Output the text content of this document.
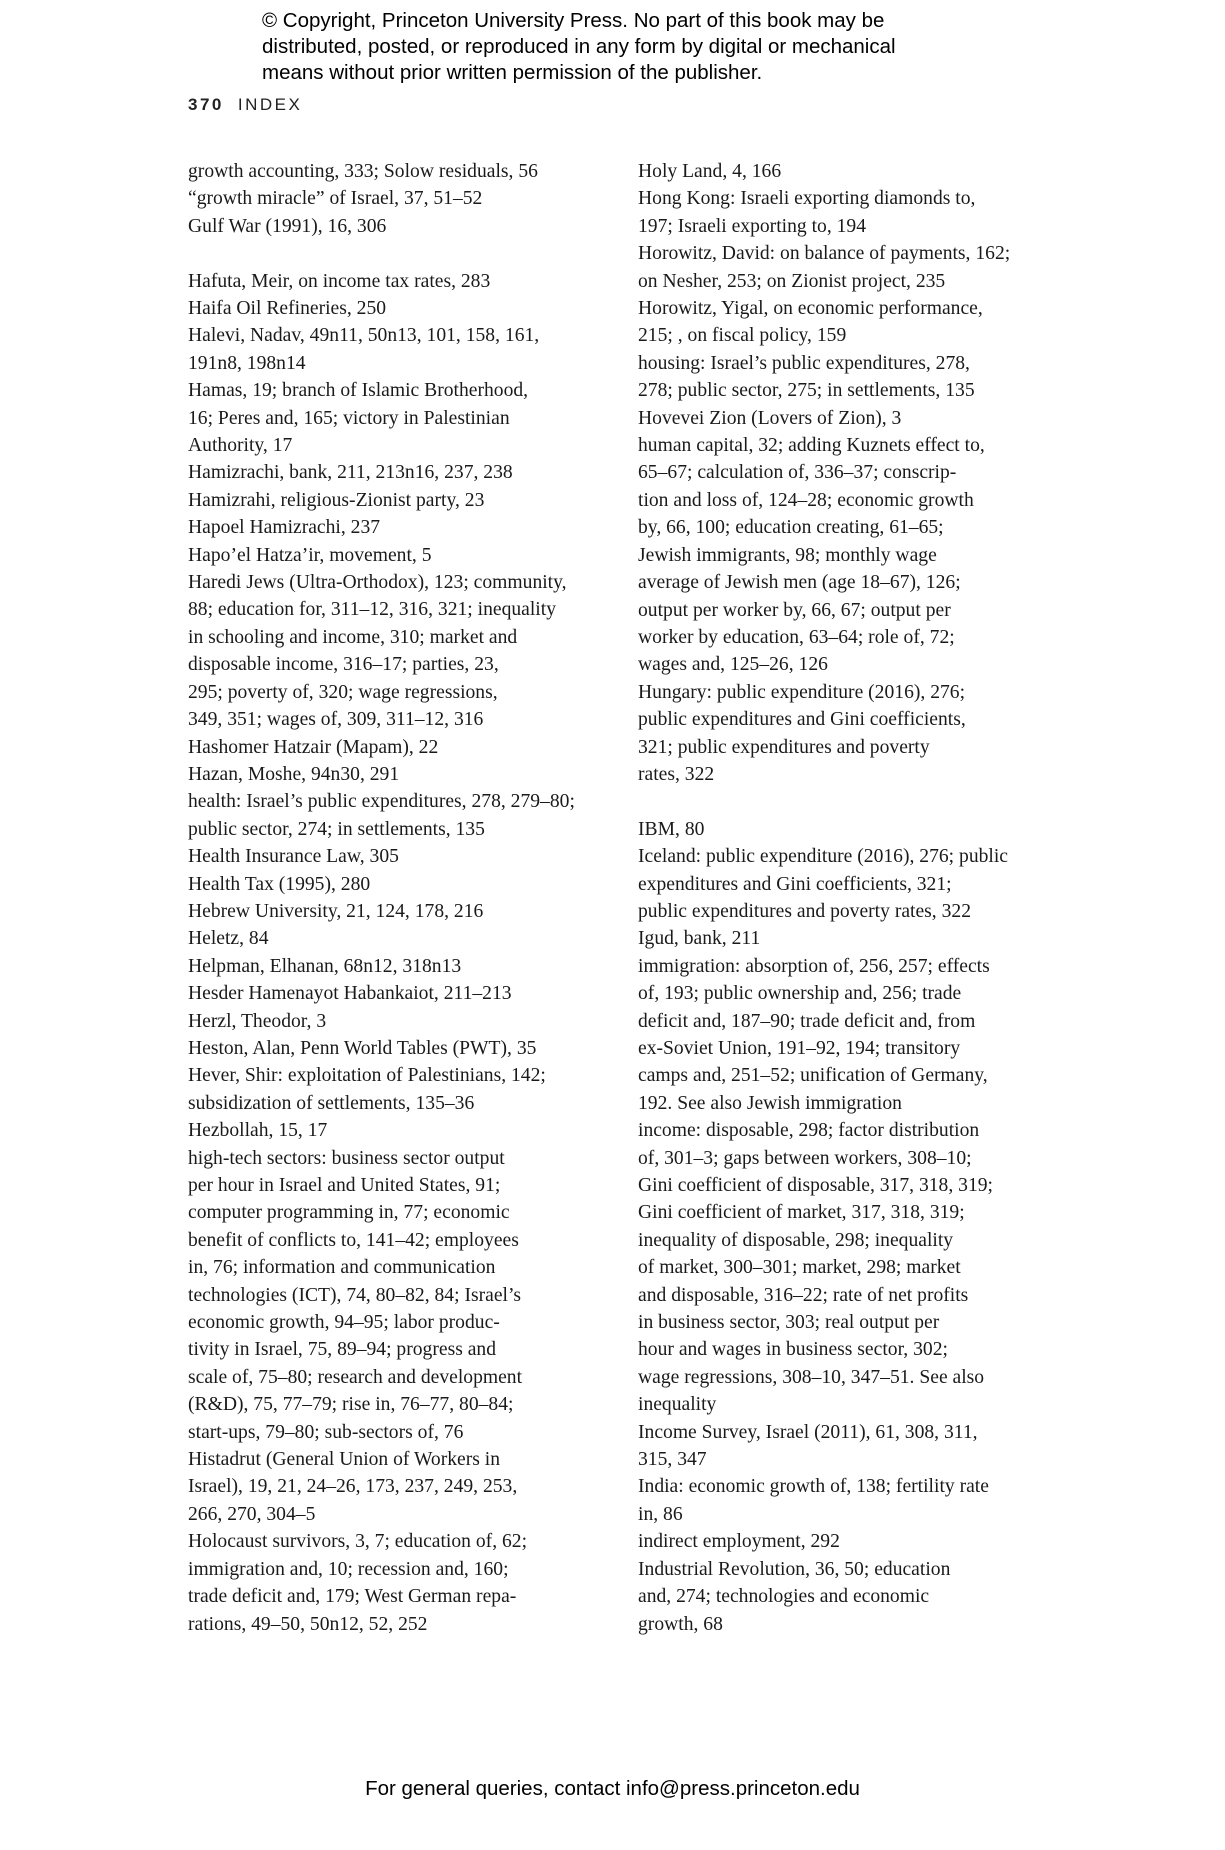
© Copyright, Princeton University Press. No part of this book may be
distributed, posted, or reproduced in any form by digital or mechanical
means without prior written permission of the publisher.
370 INDEX
growth accounting, 333; Solow residuals, 56
“growth miracle” of Israel, 37, 51–52
Gulf War (1991), 16, 306
Hafuta, Meir, on income tax rates, 283
Haifa Oil Refineries, 250
Halevi, Nadav, 49n11, 50n13, 101, 158, 161,
191n8, 198n14
Hamas, 19; branch of Islamic Brotherhood,
16; Peres and, 165; victory in Palestinian
Authority, 17
Hamizrachi, bank, 211, 213n16, 237, 238
Hamizrahi, religious-Zionist party, 23
Hapoel Hamizrachi, 237
Hapo’el Hatza’ir, movement, 5
Haredi Jews (Ultra-Orthodox), 123; community,
88; education for, 311–12, 316, 321; inequality
in schooling and income, 310; market and
disposable income, 316–17; parties, 23,
295; poverty of, 320; wage regressions,
349, 351; wages of, 309, 311–12, 316
Hashomer Hatzair (Mapam), 22
Hazan, Moshe, 94n30, 291
health: Israel’s public expenditures, 278, 279–80;
public sector, 274; in settlements, 135
Health Insurance Law, 305
Health Tax (1995), 280
Hebrew University, 21, 124, 178, 216
Heletz, 84
Helpman, Elhanan, 68n12, 318n13
Hesder Hamenayot Habankaiot, 211–213
Herzl, Theodor, 3
Heston, Alan, Penn World Tables (PWT), 35
Hever, Shir: exploitation of Palestinians, 142;
subsidization of settlements, 135–36
Hezbollah, 15, 17
high-tech sectors: business sector output
per hour in Israel and United States, 91;
computer programming in, 77; economic
benefit of conflicts to, 141–42; employees
in, 76; information and communication
technologies (ICT), 74, 80–82, 84; Israel’s
economic growth, 94–95; labor produc-
tivity in Israel, 75, 89–94; progress and
scale of, 75–80; research and development
(R&D), 75, 77–79; rise in, 76–77, 80–84;
start-ups, 79–80; sub-sectors of, 76
Histadrut (General Union of Workers in
Israel), 19, 21, 24–26, 173, 237, 249, 253,
266, 270, 304–5
Holocaust survivors, 3, 7; education of, 62;
immigration and, 10; recession and, 160;
trade deficit and, 179; West German repa-
rations, 49–50, 50n12, 52, 252
Holy Land, 4, 166
Hong Kong: Israeli exporting diamonds to,
197; Israeli exporting to, 194
Horowitz, David: on balance of payments, 162;
on Nesher, 253; on Zionist project, 235
Horowitz, Yigal, on economic performance,
215; , on fiscal policy, 159
housing: Israel’s public expenditures, 278,
278; public sector, 275; in settlements, 135
Hovevei Zion (Lovers of Zion), 3
human capital, 32; adding Kuznets effect to,
65–67; calculation of, 336–37; conscrip-
tion and loss of, 124–28; economic growth
by, 66, 100; education creating, 61–65;
Jewish immigrants, 98; monthly wage
average of Jewish men (age 18–67), 126;
output per worker by, 66, 67; output per
worker by education, 63–64; role of, 72;
wages and, 125–26, 126
Hungary: public expenditure (2016), 276;
public expenditures and Gini coefficients,
321; public expenditures and poverty
rates, 322
IBM, 80
Iceland: public expenditure (2016), 276; public
expenditures and Gini coefficients, 321;
public expenditures and poverty rates, 322
Igud, bank, 211
immigration: absorption of, 256, 257; effects
of, 193; public ownership and, 256; trade
deficit and, 187–90; trade deficit and, from
ex-Soviet Union, 191–92, 194; transitory
camps and, 251–52; unification of Germany,
192. See also Jewish immigration
income: disposable, 298; factor distribution
of, 301–3; gaps between workers, 308–10;
Gini coefficient of disposable, 317, 318, 319;
Gini coefficient of market, 317, 318, 319;
inequality of disposable, 298; inequality
of market, 300–301; market, 298; market
and disposable, 316–22; rate of net profits
in business sector, 303; real output per
hour and wages in business sector, 302;
wage regressions, 308–10, 347–51. See also
inequality
Income Survey, Israel (2011), 61, 308, 311,
315, 347
India: economic growth of, 138; fertility rate
in, 86
indirect employment, 292
Industrial Revolution, 36, 50; education
and, 274; technologies and economic
growth, 68
For general queries, contact info@press.princeton.edu
